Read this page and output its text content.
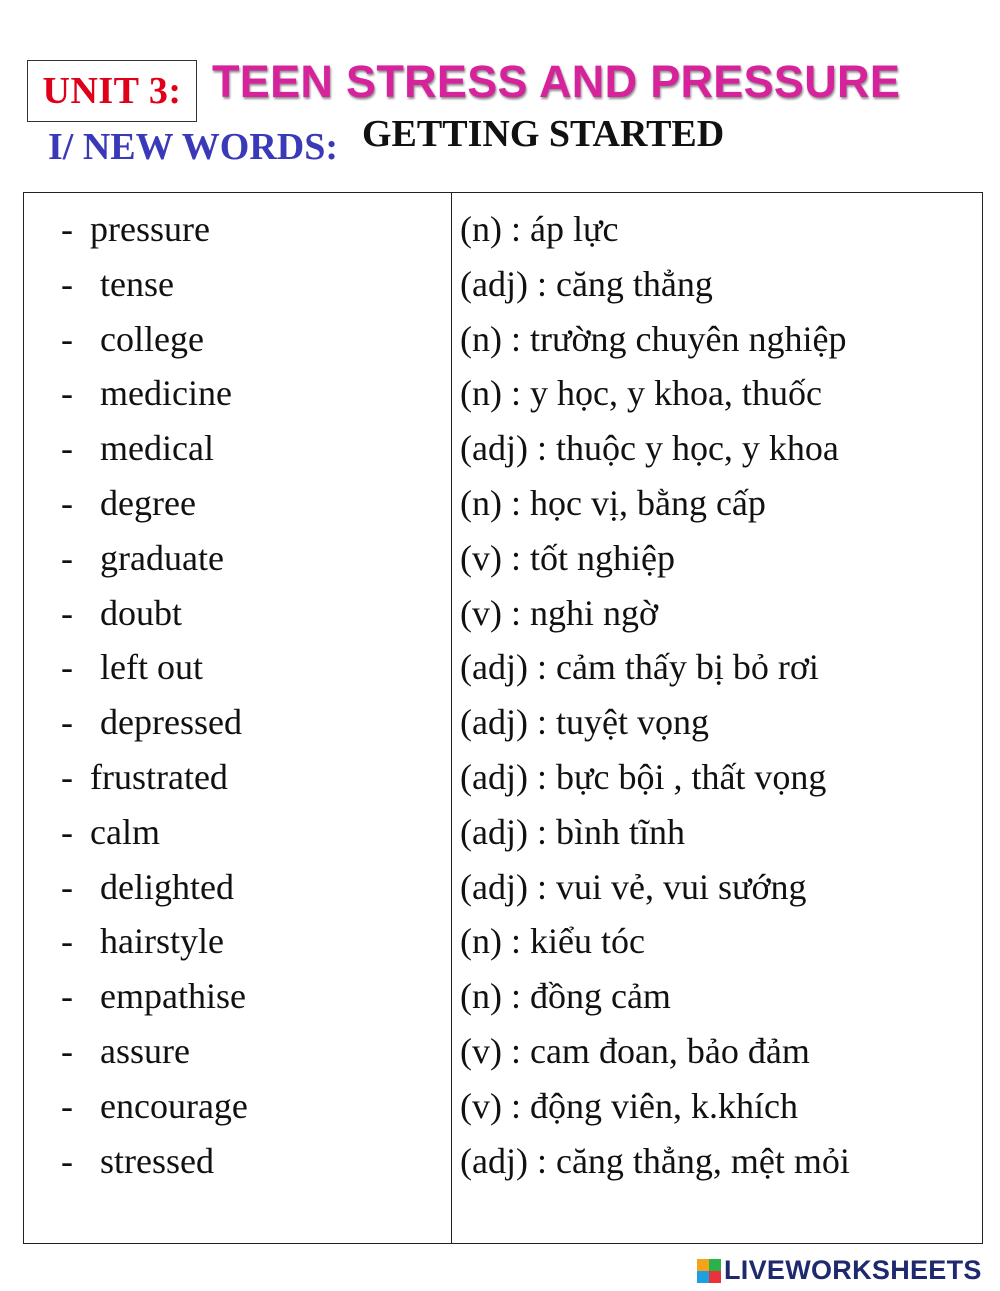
UNIT 3: TEEN STRESS AND PRESSURE
I/ NEW WORDS: GETTING STARTED
- pressure	(n) : áp lực
- tense	(adj) : căng thẳng
- college	(n) : trường chuyên nghiệp
- medicine	(n) : y học, y khoa, thuốc
- medical	(adj) : thuộc y học, y khoa
- degree	(n) : học vị, bằng cấp
- graduate	(v) : tốt nghiệp
- doubt	(v) : nghi ngờ
- left out	(adj) : cảm thấy bị bỏ rơi
- depressed	(adj) : tuyệt vọng
- frustrated	(adj) : bực bội , thất vọng
- calm	(adj) : bình tĩnh
- delighted	(adj) : vui vẻ, vui sướng
- hairstyle	(n) : kiểu tóc
- empathise	(n) : đồng cảm
- assure	(v) : cam đoan, bảo đảm
- encourage	(v) : động viên, k.khích
- stressed	(adj) : căng thẳng, mệt mỏi
LIVEWORKSHEETS
